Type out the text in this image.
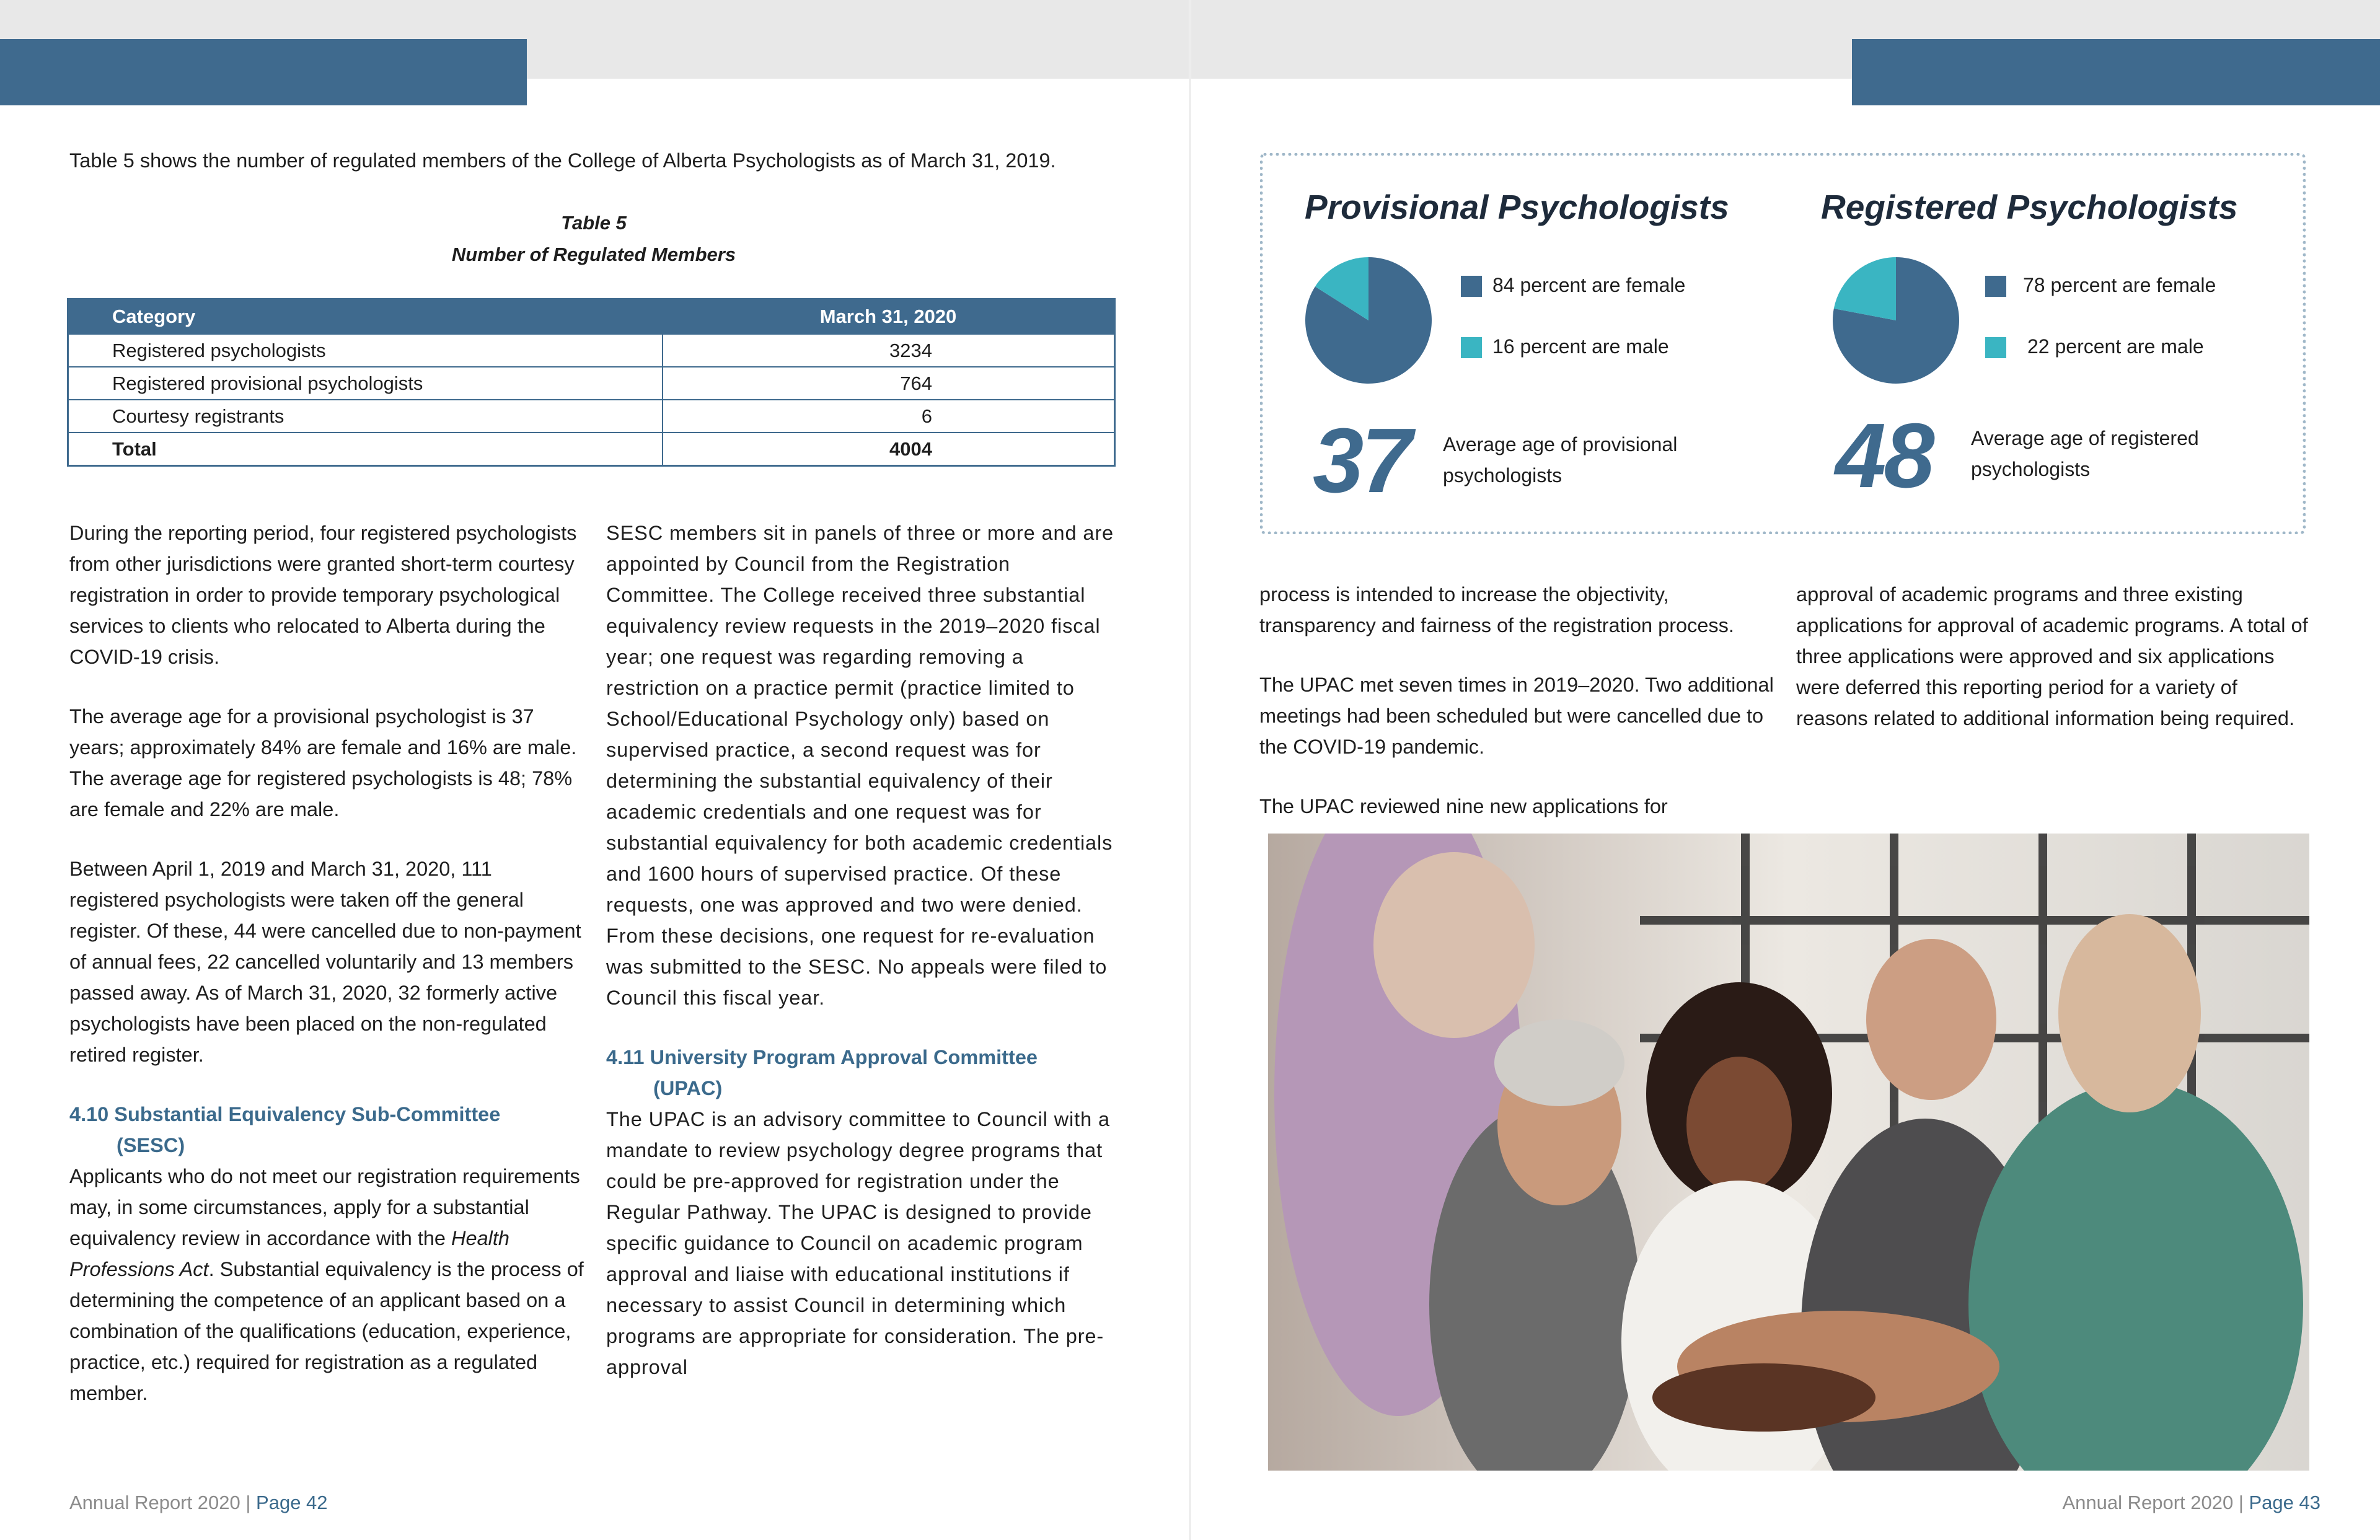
Table 5 shows the number of regulated members of the College of Alberta Psychologists as of March 31, 2019.

Table 5
Number of Regulated Members
Category	March 31, 2020
Registered psychologists	3234
Registered provisional psychologists	764
Courtesy registrants	6
Total	4004

During the reporting period, four registered psychologists from other jurisdictions were granted short-term courtesy registration in order to provide temporary psychological services to clients who relocated to Alberta during the COVID-19 crisis.

The average age for a provisional psychologist is 37 years; approximately 84% are female and 16% are male. The average age for registered psychologists is 48; 78% are female and 22% are male.

Between April 1, 2019 and March 31, 2020, 111 registered psychologists were taken off the general register. Of these, 44 were cancelled due to non-payment of annual fees, 22 cancelled voluntarily and 13 members passed away. As of March 31, 2020, 32 formerly active psychologists have been placed on the non-regulated retired register.

4.10 Substantial Equivalency Sub-Committee
(SESC)

Applicants who do not meet our registration requirements may, in some circumstances, apply for a substantial equivalency review in accordance with the Health Professions Act. Substantial equivalency is the process of determining the competence of an applicant based on a combination of the qualifications (education, experience, practice, etc.) required for registration as a regulated member.

SESC members sit in panels of three or more and are appointed by Council from the Registration Committee. The College received three substantial equivalency review requests in the 2019–2020 fiscal year; one request was regarding removing a restriction on a practice permit (practice limited to School/Educational Psychology only) based on supervised practice, a second request was for determining the substantial equivalency of their academic credentials and one request was for substantial equivalency for both academic credentials and 1600 hours of supervised practice. Of these requests, one was approved and two were denied. From these decisions, one request for re-evaluation was submitted to the SESC. No appeals were filed to Council this fiscal year.

4.11 University Program Approval Committee
(UPAC)

The UPAC is an advisory committee to Council with a mandate to review psychology degree programs that could be pre-approved for registration under the Regular Pathway. The UPAC is designed to provide specific guidance to Council on academic program approval and liaise with educational institutions if necessary to assist Council in determining which programs are appropriate for consideration. The pre-approval

Annual Report 2020 | Page 42
Provisional Psychologists
84 percent are female
16 percent are male
37 Average age of provisional
psychologists
Registered Psychologists
78 percent are female
22 percent are male
48 Average age of registered
psychologists

process is intended to increase the objectivity, transparency and fairness of the registration process.

The UPAC met seven times in 2019–2020. Two additional meetings had been scheduled but were cancelled due to the COVID-19 pandemic.

The UPAC reviewed nine new applications for

approval of academic programs and three existing applications for approval of academic programs. A total of three applications were approved and six applications were deferred this reporting period for a variety of reasons related to additional information being required.

Annual Report 2020 | Page 43
